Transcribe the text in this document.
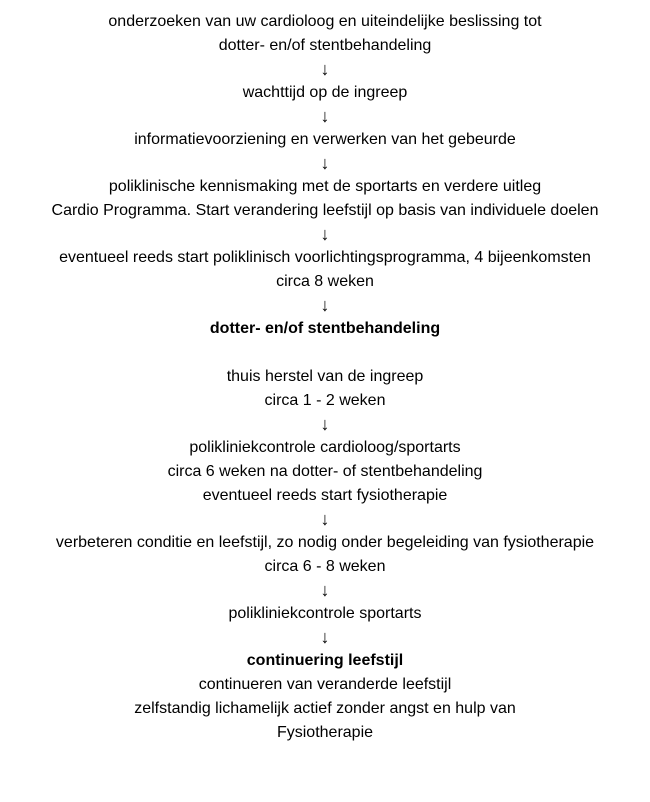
onderzoeken van uw cardioloog en uiteindelijke beslissing tot
dotter- en/of stentbehandeling
↓
wachttijd op de ingreep
↓
informatievoorziening en verwerken van het gebeurde
↓
poliklinische kennismaking met de sportarts en verdere uitleg
Cardio Programma. Start verandering leefstijl op basis van individuele doelen
↓
eventueel reeds start poliklinisch voorlichtingsprogramma, 4 bijeenkomsten
circa 8 weken
↓
dotter- en/of stentbehandeling
thuis herstel van de ingreep
circa 1 - 2 weken
↓
polikliniekcontrole cardioloog/sportarts
circa 6 weken na dotter- of stentbehandeling
eventueel reeds start fysiotherapie
↓
verbeteren conditie en leefstijl, zo nodig onder begeleiding van fysiotherapie
circa 6 - 8 weken
↓
polikliniekcontrole sportarts
↓
continuering leefstijl
continueren van veranderde leefstijl
zelfstandig lichamelijk actief zonder angst en hulp van
Fysiotherapie
